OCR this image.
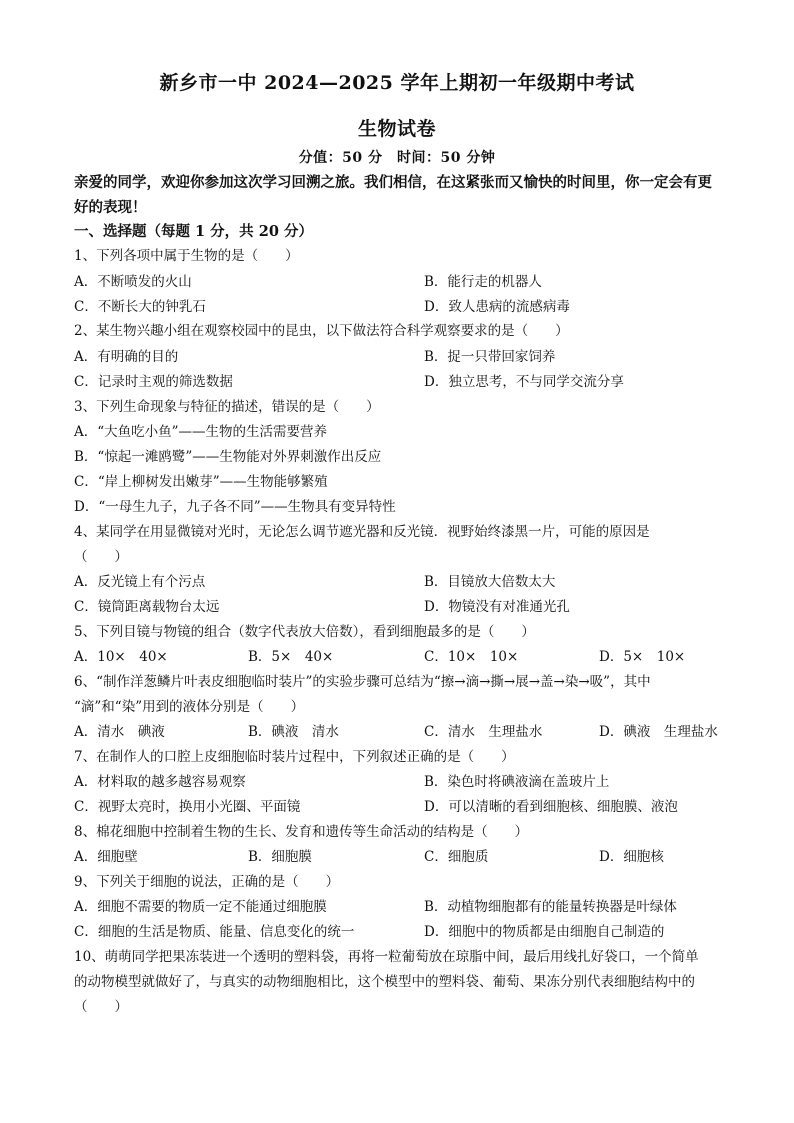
新乡市一中 2024—2025 学年上期初一年级期中考试
生物试卷
分值：50 分　时间：50 分钟
亲爱的同学，欢迎你参加这次学习回溯之旅。我们相信，在这紧张而又愉快的时间里，你一定会有更好的表现！
一、选择题（每题 1 分，共 20 分）
1、下列各项中属于生物的是（　　）
A．不断喷发的火山	B．能行走的机器人
C．不断长大的钟乳石	D．致人患病的流感病毒
2、某生物兴趣小组在观察校园中的昆虫，以下做法符合科学观察要求的是（　　）
A．有明确的目的	B．捉一只带回家饲养
C．记录时主观的筛选数据	D．独立思考，不与同学交流分享
3、下列生命现象与特征的描述，错误的是（　　）
A．“大鱼吃小鱼”——生物的生活需要营养
B．“惊起一滩鸥鹭”——生物能对外界刺激作出反应
C．“岸上柳树发出嫩芽”——生物能够繁殖
D．“一母生九子，九子各不同”——生物具有变异特性
4、某同学在用显微镜对光时，无论怎么调节遮光器和反光镜．视野始终漆黑一片，可能的原因是
（　　）
A．反光镜上有个污点	B．目镜放大倍数太大
C．镜筒距离载物台太远	D．物镜没有对准通光孔
5、下列目镜与物镜的组合（数字代表放大倍数），看到细胞最多的是（　　）
A．10×　40×	B．5×　40×	C．10×　10×	D．5×　10×
6、“制作洋葱鳞片叶表皮细胞临时装片”的实验步骤可总结为“擦→滴→撕→展→盖→染→吸”，其中
“滴”和“染”用到的液体分别是（　　）
A．清水　碘液	B．碘液　清水	C．清水　生理盐水	D．碘液　生理盐水
7、在制作人的口腔上皮细胞临时装片过程中，下列叙述正确的是（　　）
A．材料取的越多越容易观察	B．染色时将碘液滴在盖玻片上
C．视野太亮时，换用小光圈、平面镜	D．可以清晰的看到细胞核、细胞膜、液泡
8、棉花细胞中控制着生物的生长、发育和遗传等生命活动的结构是（　　）
A．细胞壁	B．细胞膜	C．细胞质	D．细胞核
9、下列关于细胞的说法，正确的是（　　）
A．细胞不需要的物质一定不能通过细胞膜	B．动植物细胞都有的能量转换器是叶绿体
C．细胞的生活是物质、能量、信息变化的统一	D．细胞中的物质都是由细胞自己制造的
10、萌萌同学把果冻装进一个透明的塑料袋，再将一粒葡萄放在琼脂中间，最后用线扎好袋口，一个简单
的动物模型就做好了，与真实的动物细胞相比，这个模型中的塑料袋、葡萄、果冻分别代表细胞结构中的
（　　）
